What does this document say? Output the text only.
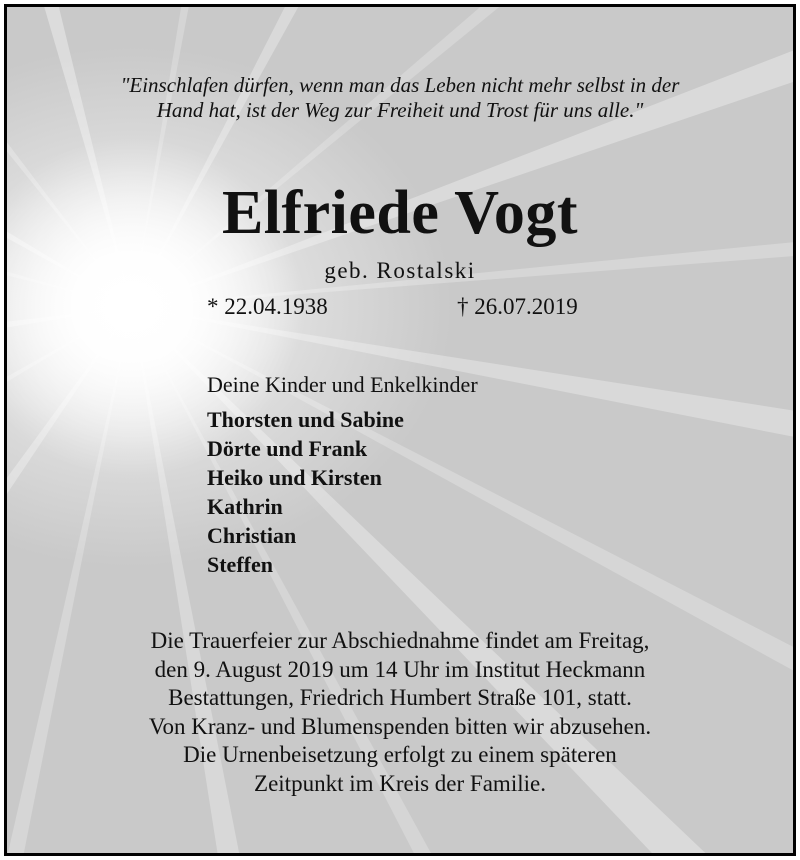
"Einschlafen dürfen, wenn man das Leben nicht mehr selbst in der
Hand hat, ist der Weg zur Freiheit und Trost für uns alle."

Elfriede Vogt
geb. Rostalski
* 22.04.1938	† 26.07.2019
Deine Kinder und Enkelkinder
Thorsten und Sabine
Dörte und Frank
Heiko und Kirsten
Kathrin
Christian
Steffen

Die Trauerfeier zur Abschiednahme findet am Freitag,
den 9. August 2019 um 14 Uhr im Institut Heckmann
Bestattungen, Friedrich Humbert Straße 101, statt.
Von Kranz- und Blumenspenden bitten wir abzusehen.
Die Urnenbeisetzung erfolgt zu einem späteren
Zeitpunkt im Kreis der Familie.
